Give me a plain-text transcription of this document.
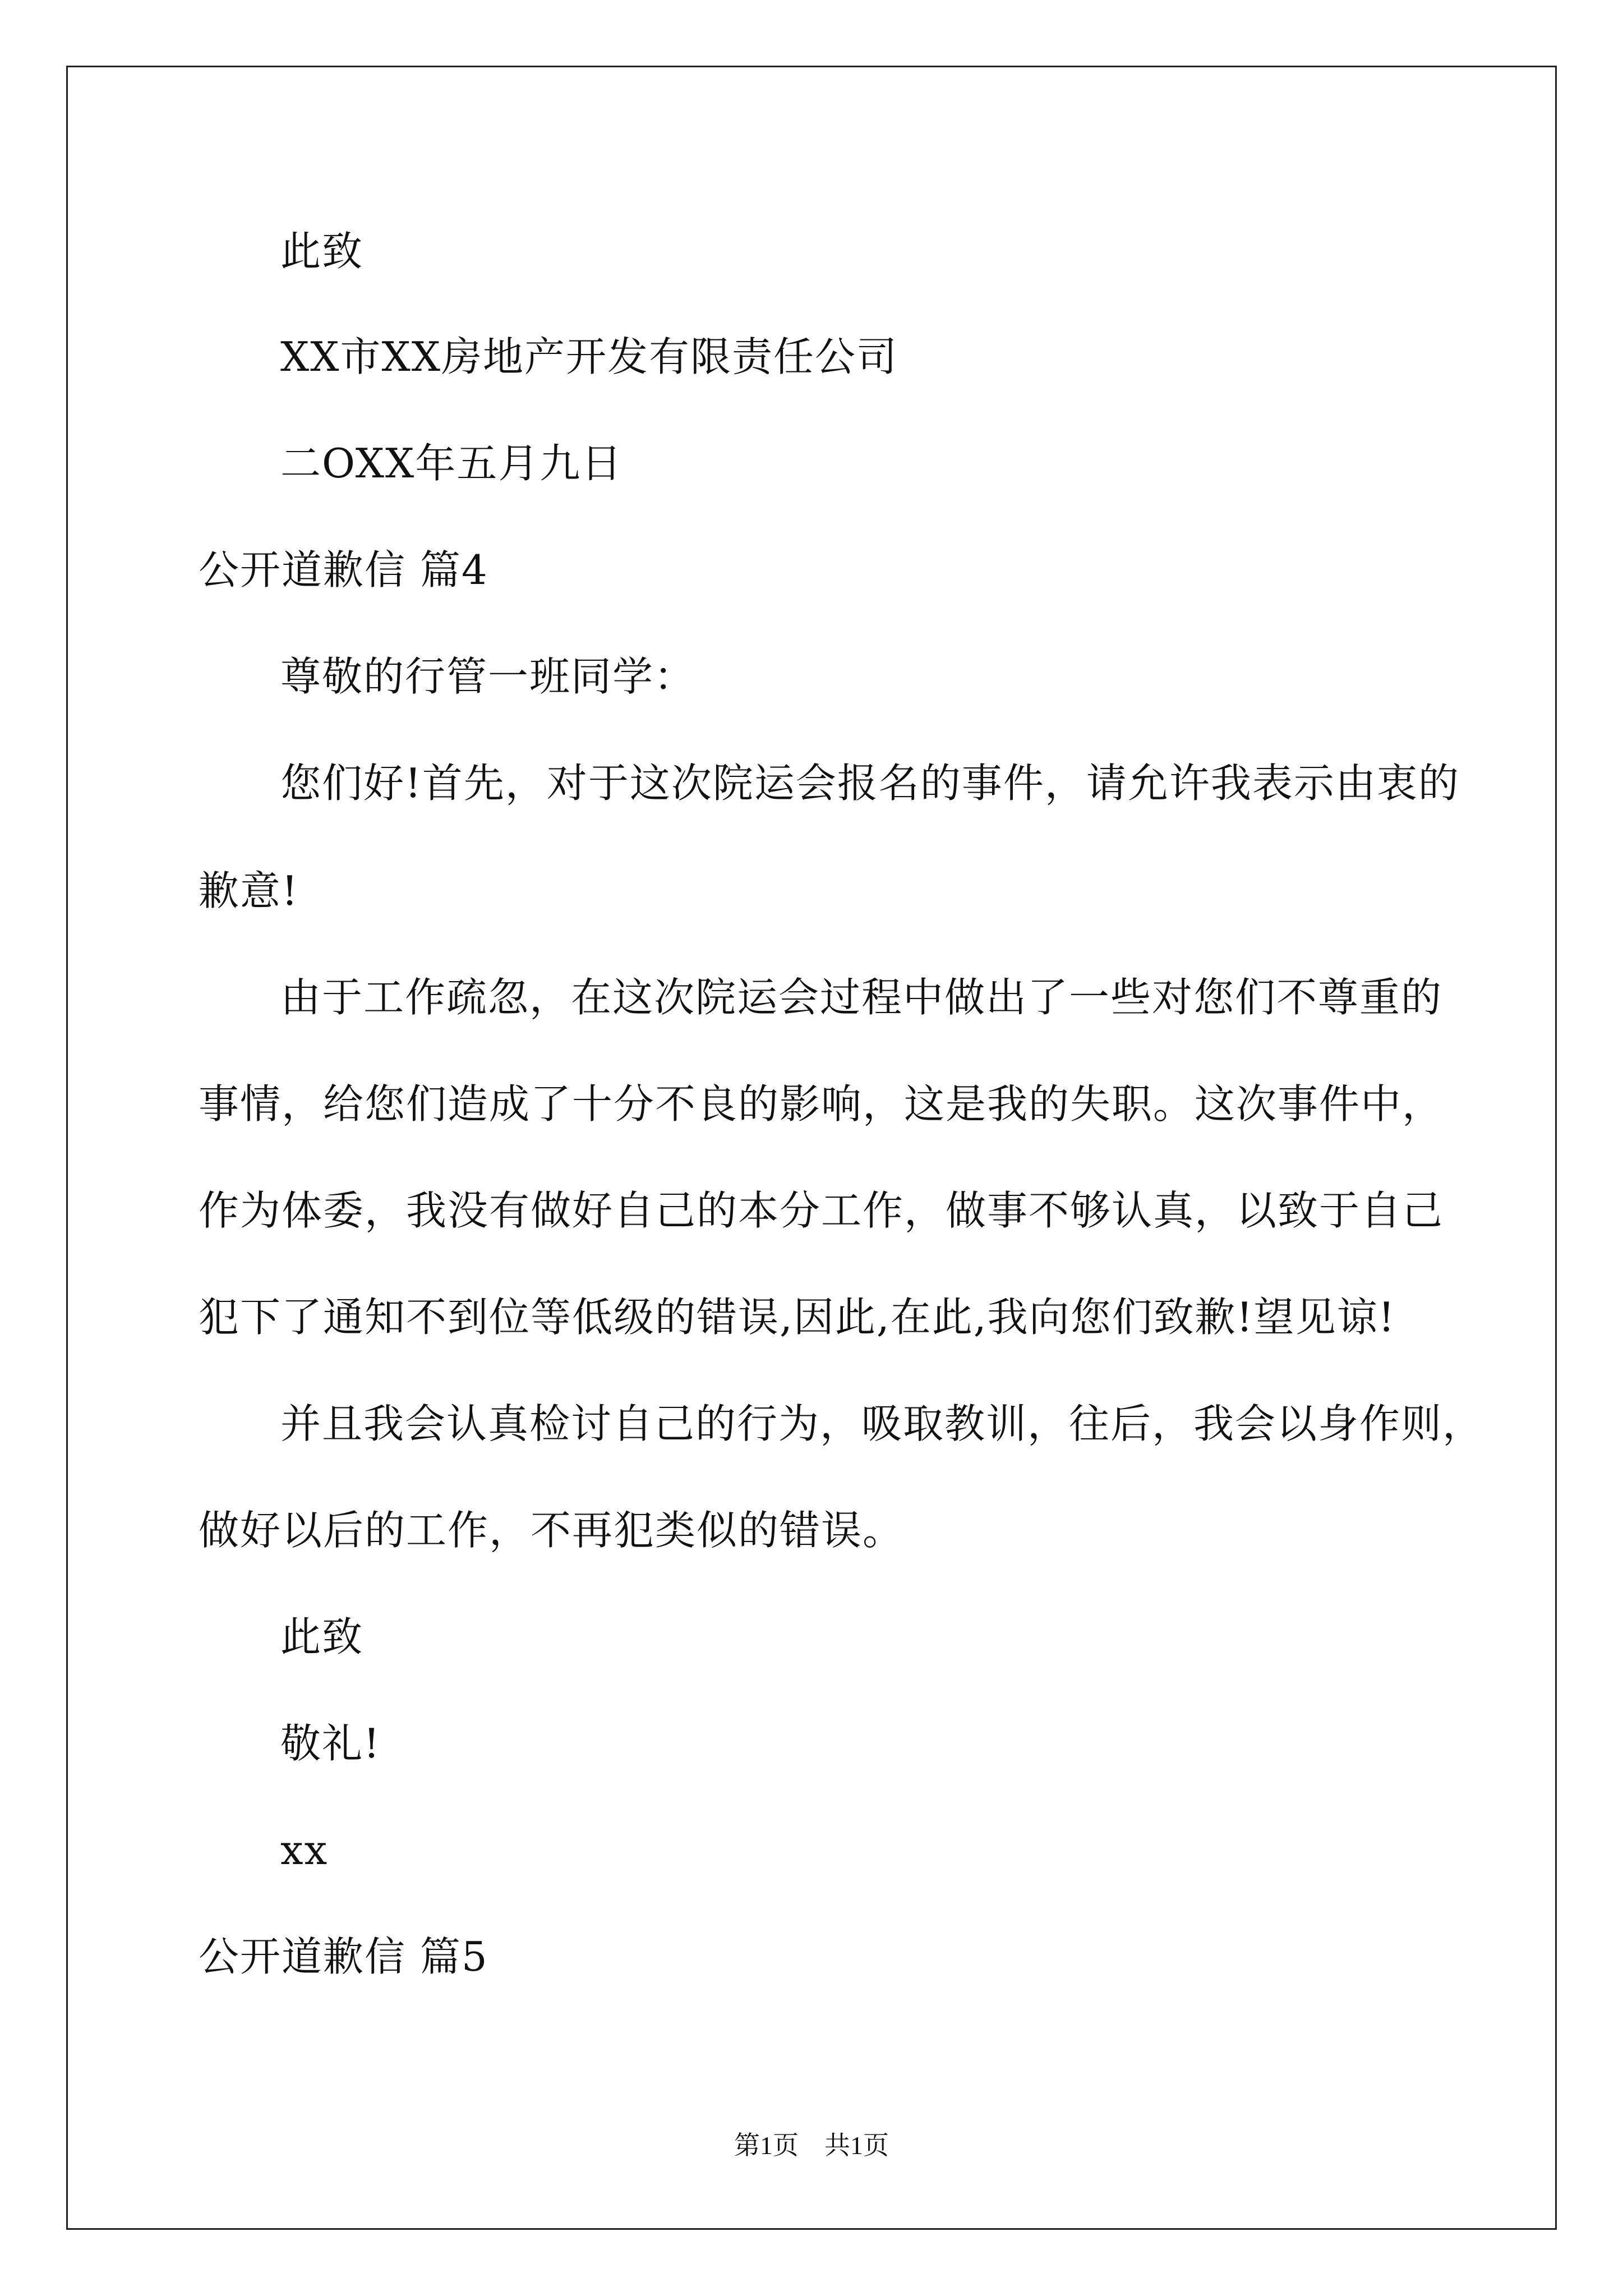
此致
XX市XX房地产开发有限责任公司
二OXX年五月九日
公开道歉信 篇4
尊敬的行管一班同学：
您们好!首先，对于这次院运会报名的事件，请允许我表示由衷的
歉意!
由于工作疏忽，在这次院运会过程中做出了一些对您们不尊重的
事情，给您们造成了十分不良的影响，这是我的失职。这次事件中，
作为体委，我没有做好自己的本分工作，做事不够认真，以致于自己
犯下了通知不到位等低级的错误,因此,在此,我向您们致歉!望见谅!
并且我会认真检讨自己的行为，吸取教训，往后，我会以身作则，
做好以后的工作，不再犯类似的错误。
此致
敬礼!
xx
公开道歉信 篇5
第1页　共1页
